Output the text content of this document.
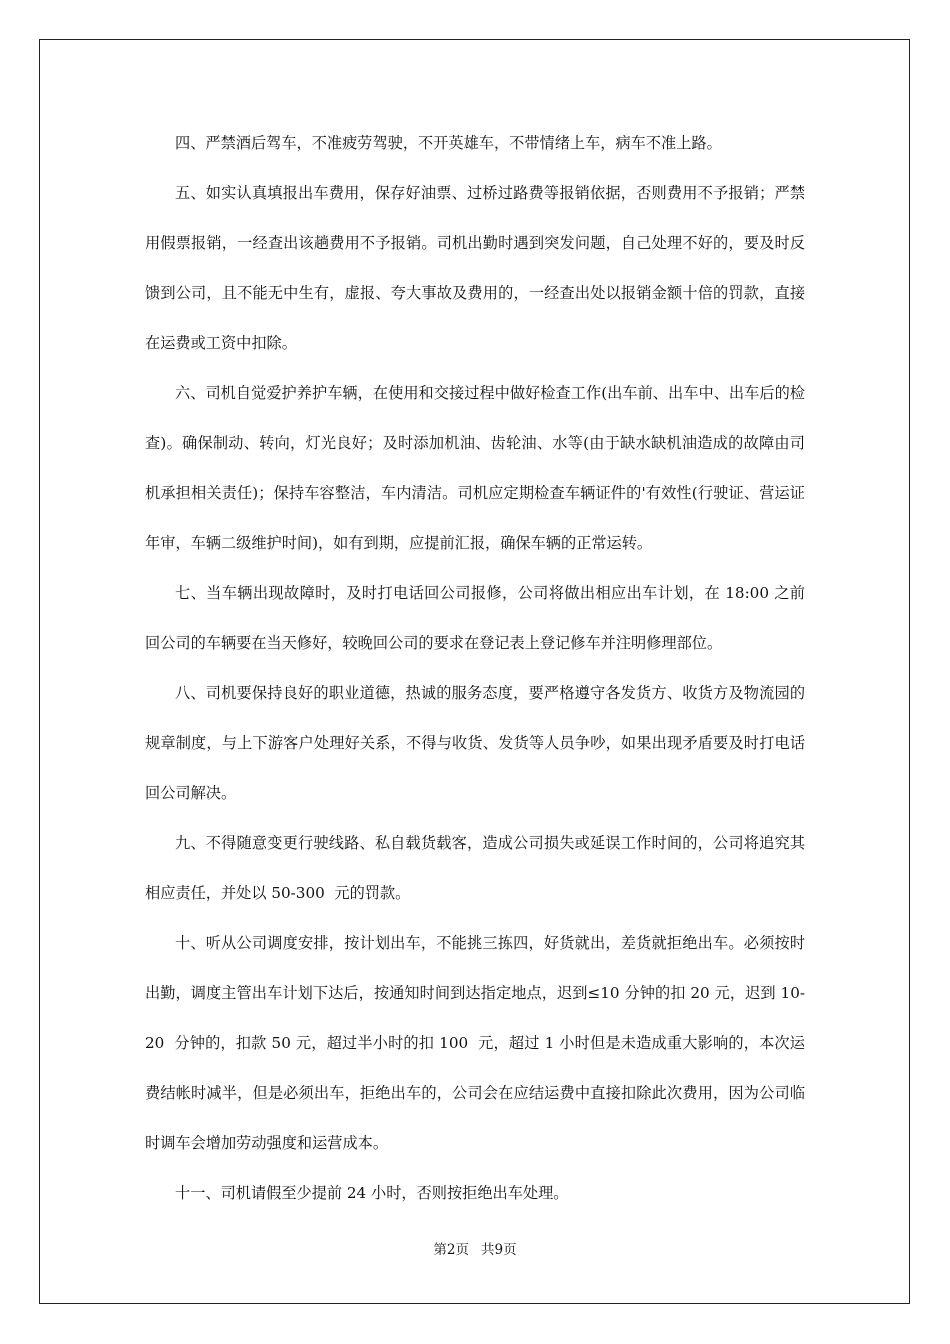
四、严禁酒后驾车，不准疲劳驾驶，不开英雄车，不带情绪上车，病车不准上路。

五、如实认真填报出车费用，保存好油票、过桥过路费等报销依据，否则费用不予报销；严禁用假票报销，一经查出该趟费用不予报销。司机出勤时遇到突发问题，自己处理不好的，要及时反馈到公司，且不能无中生有，虚报、夸大事故及费用的，一经查出处以报销金额十倍的罚款，直接在运费或工资中扣除。

六、司机自觉爱护养护车辆，在使用和交接过程中做好检查工作(出车前、出车中、出车后的检查)。确保制动、转向，灯光良好；及时添加机油、齿轮油、水等(由于缺水缺机油造成的故障由司机承担相关责任)；保持车容整洁，车内清洁。司机应定期检查车辆证件的'有效性(行驶证、营运证年审，车辆二级维护时间)，如有到期，应提前汇报，确保车辆的正常运转。

七、当车辆出现故障时，及时打电话回公司报修，公司将做出相应出车计划，在 18:00 之前回公司的车辆要在当天修好，较晚回公司的要求在登记表上登记修车并注明修理部位。

八、司机要保持良好的职业道德，热诚的服务态度，要严格遵守各发货方、收货方及物流园的规章制度，与上下游客户处理好关系，不得与收货、发货等人员争吵，如果出现矛盾要及时打电话回公司解决。

九、不得随意变更行驶线路、私自载货载客，造成公司损失或延误工作时间的，公司将追究其相应责任，并处以 50-300  元的罚款。

十、听从公司调度安排，按计划出车，不能挑三拣四，好货就出，差货就拒绝出车。必须按时出勤，调度主管出车计划下达后，按通知时间到达指定地点，迟到≤10 分钟的扣 20 元，迟到 10-20  分钟的，扣款 50 元，超过半小时的扣 100  元，超过 1 小时但是未造成重大影响的，本次运费结帐时减半，但是必须出车，拒绝出车的，公司会在应结运费中直接扣除此次费用，因为公司临时调车会增加劳动强度和运营成本。

十一、司机请假至少提前 24 小时，否则按拒绝出车处理。

第2页 共9页
